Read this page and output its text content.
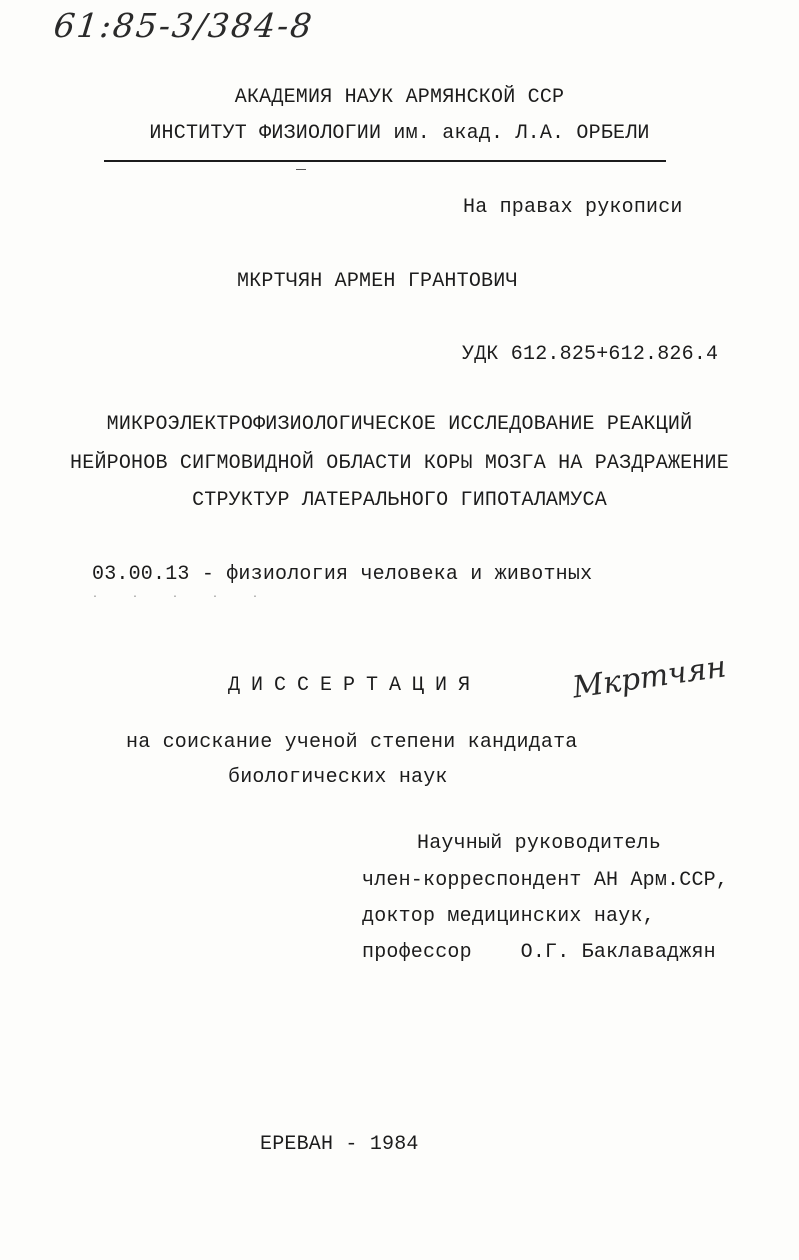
61:85-3/384-8
АКАДЕМИЯ НАУК АРМЯНСКОЙ ССР
ИНСТИТУТ ФИЗИОЛОГИИ им. акад. Л.А. ОРБЕЛИ
На правах рукописи
МКРТЧЯН АРМЕН ГРАНТОВИЧ
УДК 612.825+612.826.4
МИКРОЭЛЕКТРОФИЗИОЛОГИЧЕСКОЕ ИССЛЕДОВАНИЕ РЕАКЦИЙ
НЕЙРОНОВ СИГМОВИДНОЙ ОБЛАСТИ КОРЫ МОЗГА НА РАЗДРАЖЕНИЕ
СТРУКТУР ЛАТЕРАЛЬНОГО ГИПОТАЛАМУСА
03.00.13 - физиология человека и животных
· · · · ·
ДИССЕРТАЦИЯ	Мкртчян
на соискание ученой степени кандидата
биологических наук
Научный руководитель
член-корреспондент АН Арм.ССР,
доктор медицинских наук,
профессор    О.Г. Баклаваджян
ЕРЕВАН - 1984
